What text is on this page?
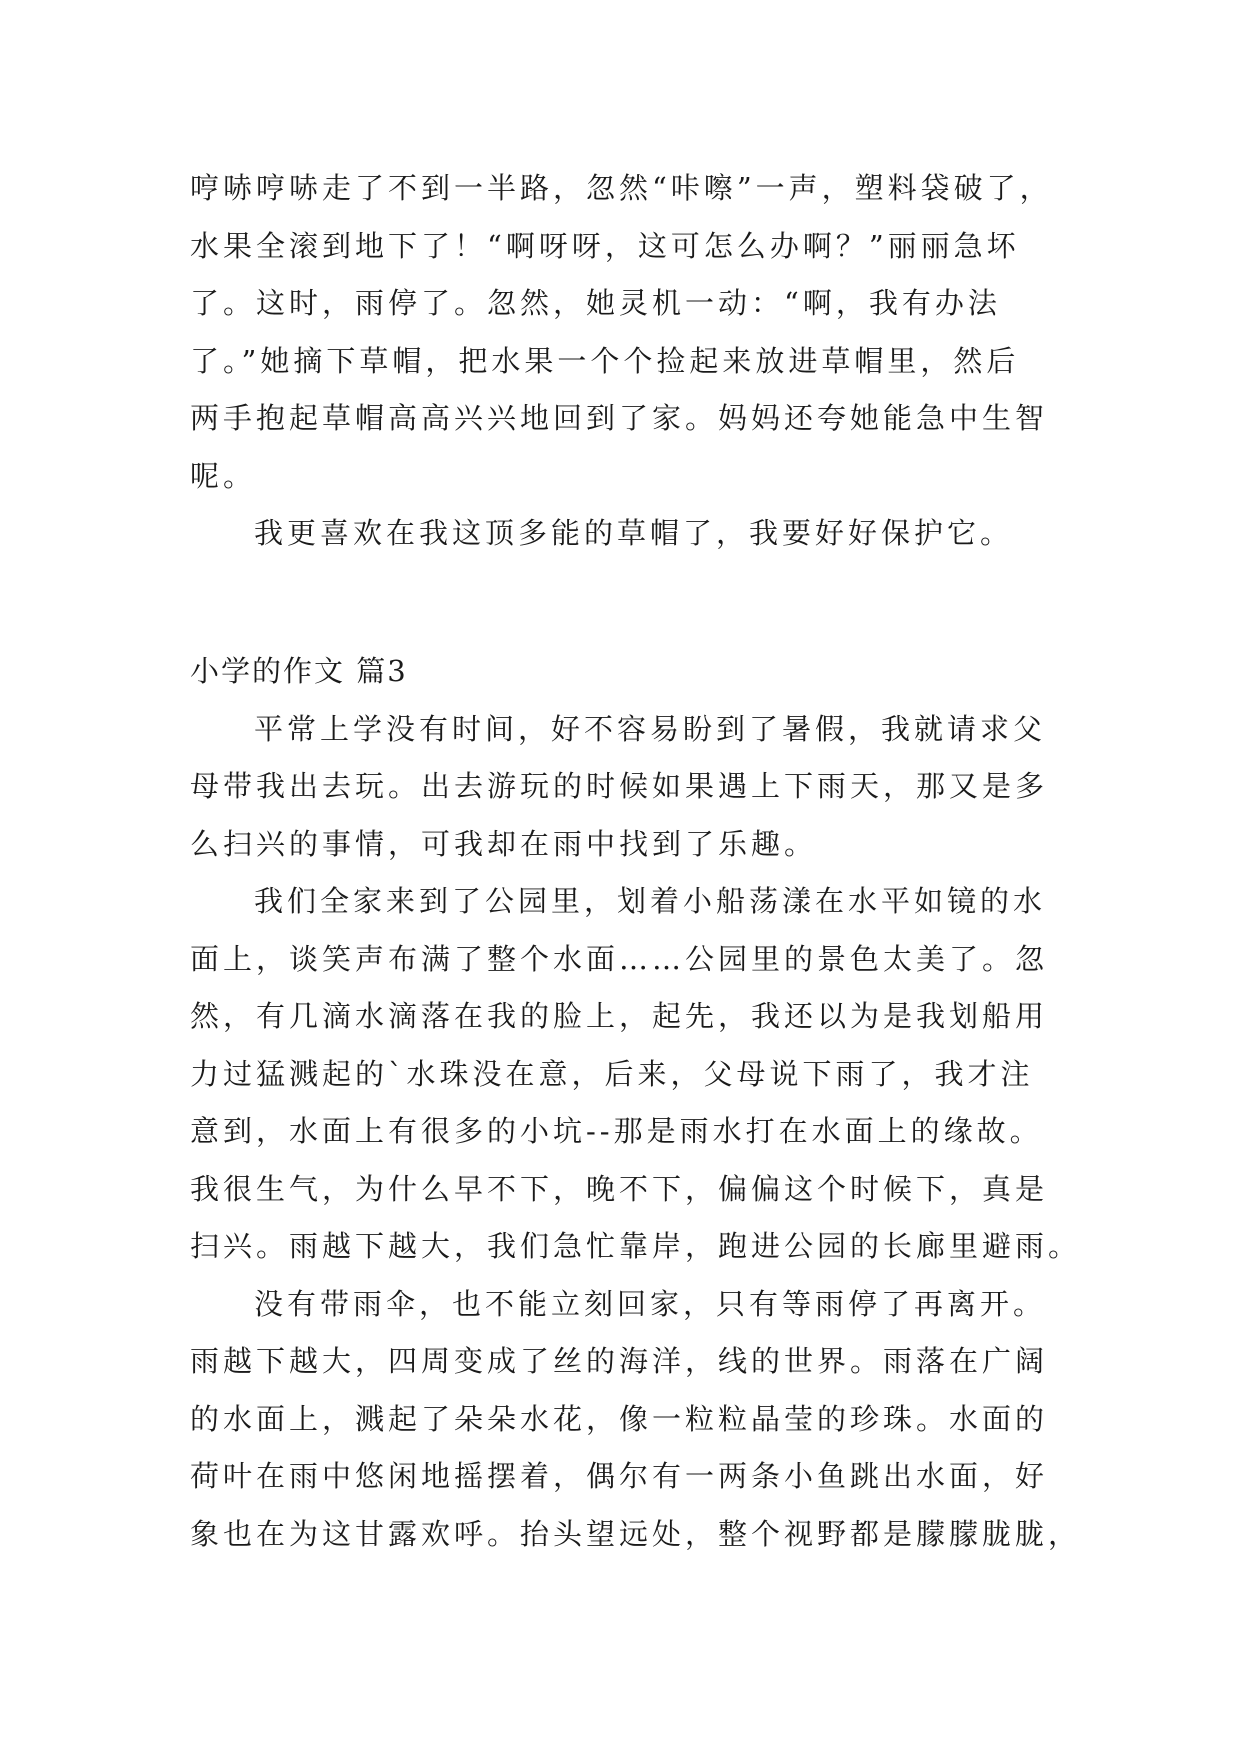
哼哧哼哧走了不到一半路，忽然“咔嚓”一声，塑料袋破了，
水果全滚到地下了！“啊呀呀，这可怎么办啊？”丽丽急坏
了。这时，雨停了。忽然，她灵机一动：“啊，我有办法
了。”她摘下草帽，把水果一个个捡起来放进草帽里，然后
两手抱起草帽高高兴兴地回到了家。妈妈还夸她能急中生智
呢。
我更喜欢在我这顶多能的草帽了，我要好好保护它。
小学的作文 篇3
平常上学没有时间，好不容易盼到了暑假，我就请求父
母带我出去玩。出去游玩的时候如果遇上下雨天，那又是多
么扫兴的事情，可我却在雨中找到了乐趣。
我们全家来到了公园里，划着小船荡漾在水平如镜的水
面上，谈笑声布满了整个水面……公园里的景色太美了。忽
然，有几滴水滴落在我的脸上，起先，我还以为是我划船用
力过猛溅起的`水珠没在意，后来，父母说下雨了，我才注
意到，水面上有很多的小坑--那是雨水打在水面上的缘故。
我很生气，为什么早不下，晚不下，偏偏这个时候下，真是
扫兴。雨越下越大，我们急忙靠岸，跑进公园的长廊里避雨。
没有带雨伞，也不能立刻回家，只有等雨停了再离开。
雨越下越大，四周变成了丝的海洋，线的世界。雨落在广阔
的水面上，溅起了朵朵水花，像一粒粒晶莹的珍珠。水面的
荷叶在雨中悠闲地摇摆着，偶尔有一两条小鱼跳出水面，好
象也在为这甘露欢呼。抬头望远处，整个视野都是朦朦胧胧，
